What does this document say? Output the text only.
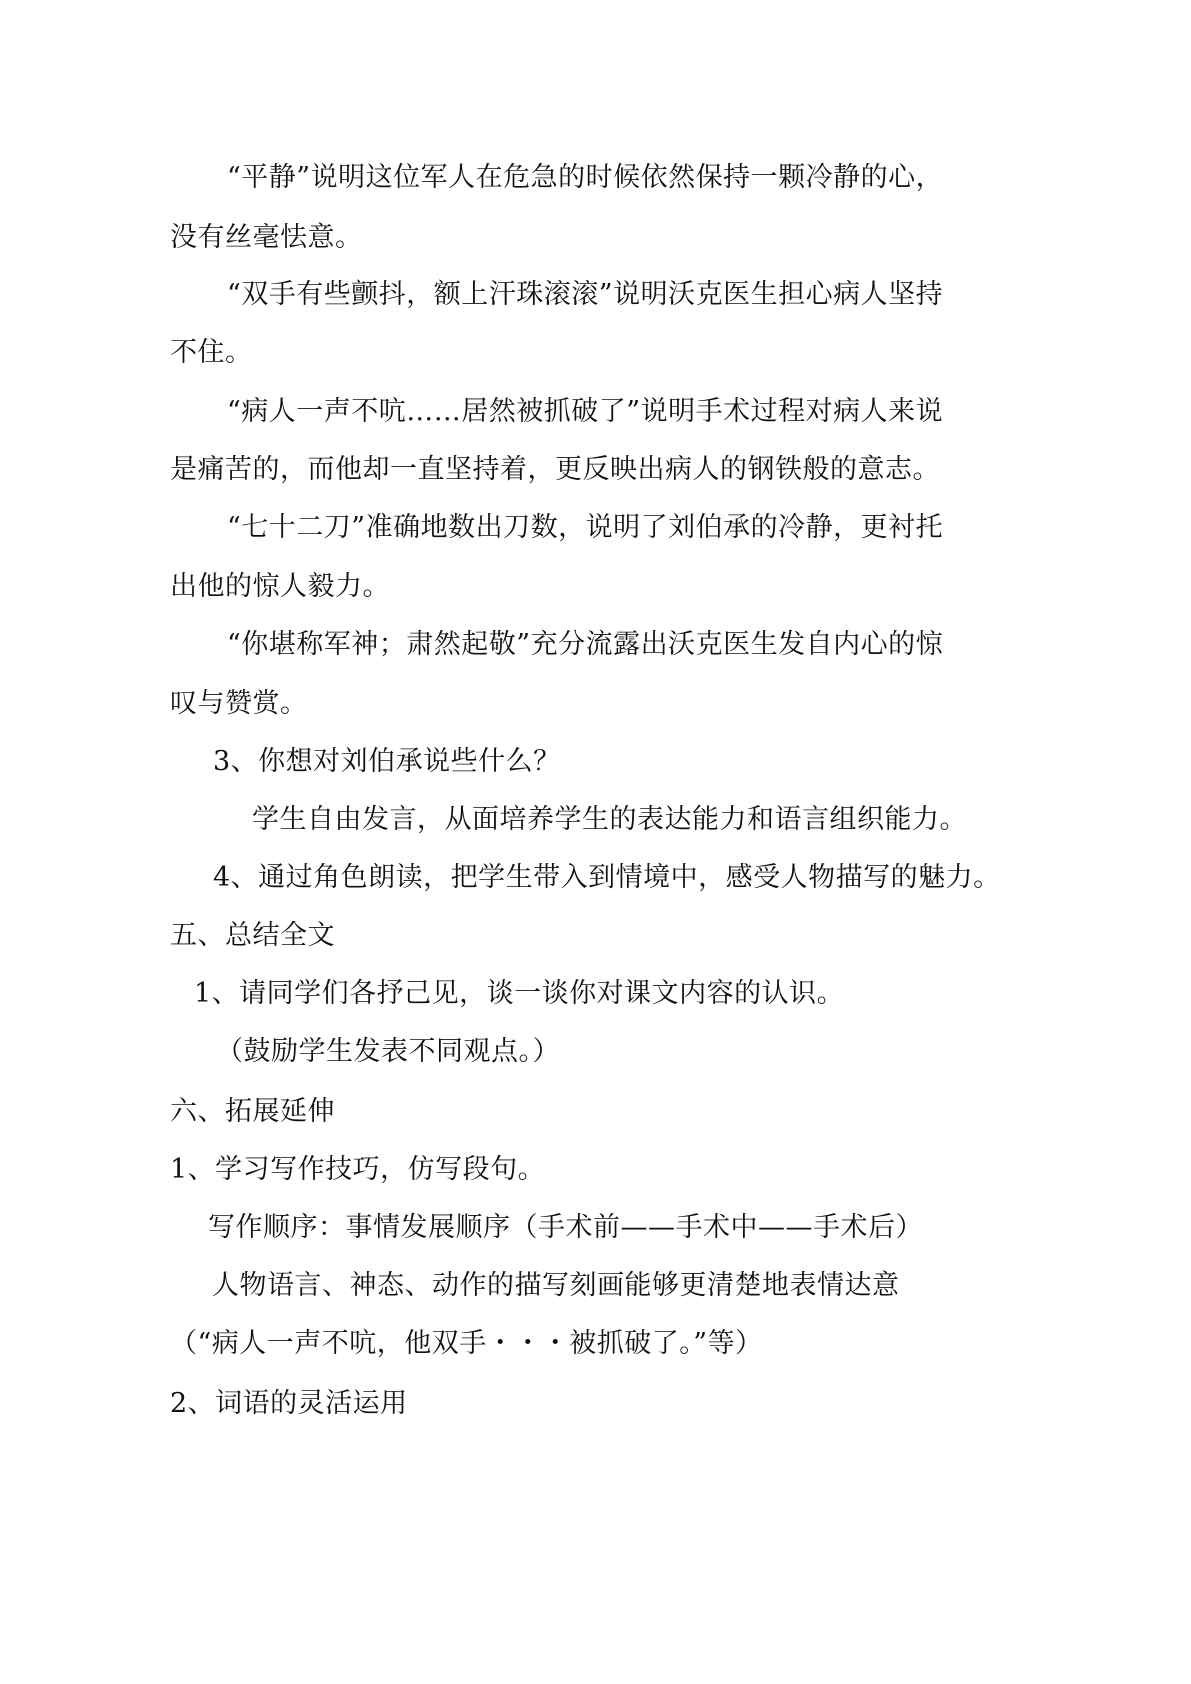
“平静”说明这位军人在危急的时候依然保持一颗冷静的心，
没有丝毫怯意。
“双手有些颤抖，额上汗珠滚滚”说明沃克医生担心病人坚持
不住。
“病人一声不吭……居然被抓破了”说明手术过程对病人来说
是痛苦的，而他却一直坚持着，更反映出病人的钢铁般的意志。
“七十二刀”准确地数出刀数，说明了刘伯承的冷静，更衬托
出他的惊人毅力。
“你堪称军神；肃然起敬”充分流露出沃克医生发自内心的惊
叹与赞赏。
3、你想对刘伯承说些什么？
学生自由发言，从面培养学生的表达能力和语言组织能力。
4、通过角色朗读，把学生带入到情境中，感受人物描写的魅力。
五、总结全文
1、请同学们各抒己见，谈一谈你对课文内容的认识。
（鼓励学生发表不同观点。）
六、拓展延伸
1、学习写作技巧，仿写段句。
写作顺序：事情发展顺序（手术前——手术中——手术后）
人物语言、神态、动作的描写刻画能够更清楚地表情达意
（“病人一声不吭，他双手・・・被抓破了。”等）
2、词语的灵活运用
